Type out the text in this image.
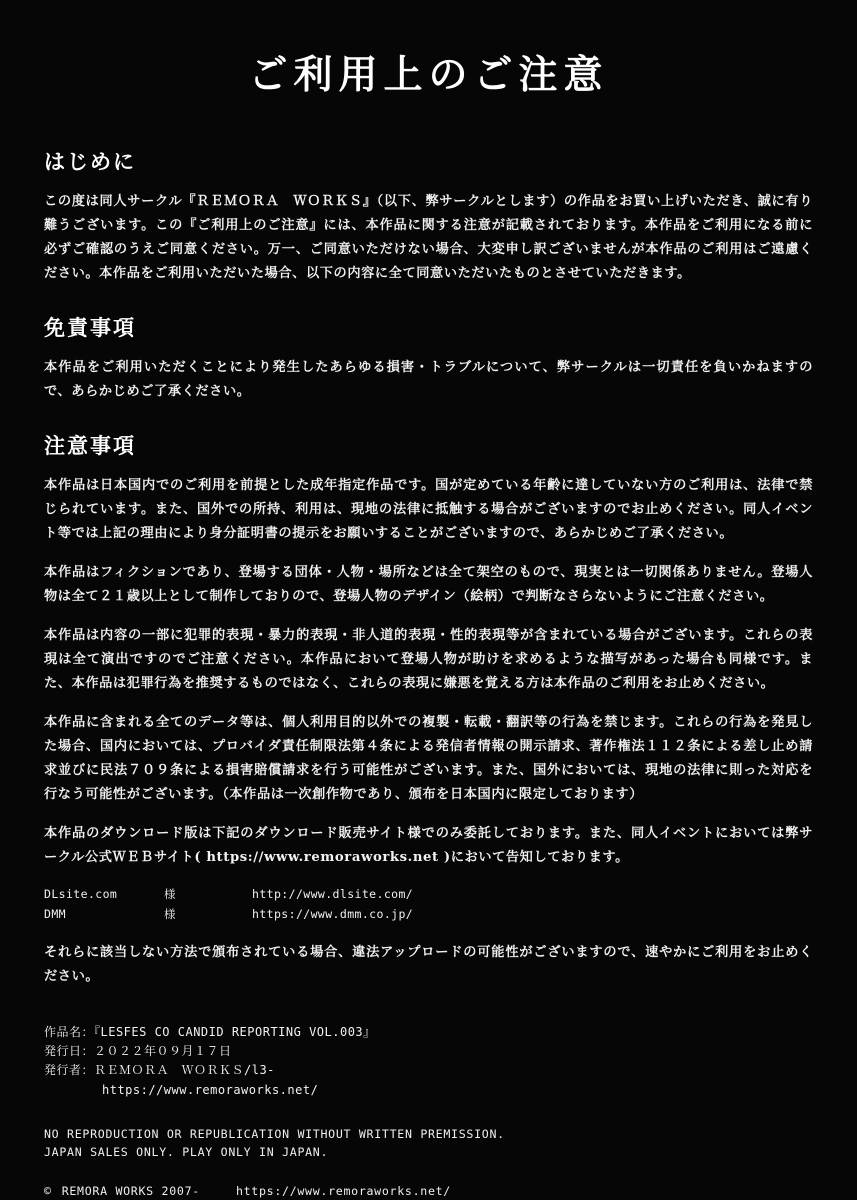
ご利用上のご注意
はじめに

この度は同人サークル『ＲＥＭＯＲＡ　ＷＯＲＫＳ』（以下、弊サークルとします）の作品をお買い上げいただき、誠に有り難うございます。この『ご利用上のご注意』には、本作品に関する注意が記載されております。本作品をご利用になる前に必ずご確認のうえご同意ください。万一、ご同意いただけない場合、大変申し訳ございませんが本作品のご利用はご遠慮ください。本作品をご利用いただいた場合、以下の内容に全て同意いただいたものとさせていただきます。

免責事項

本作品をご利用いただくことにより発生したあらゆる損害・トラブルについて、弊サークルは一切責任を負いかねますので、あらかじめご了承ください。

注意事項

本作品は日本国内でのご利用を前提とした成年指定作品です。国が定めている年齢に達していない方のご利用は、法律で禁じられています。また、国外での所持、利用は、現地の法律に抵触する場合がございますのでお止めください。同人イベント等では上記の理由により身分証明書の提示をお願いすることがございますので、あらかじめご了承ください。

本作品はフィクションであり、登場する団体・人物・場所などは全て架空のもので、現実とは一切関係ありません。登場人物は全て２１歳以上として制作しておりので、登場人物のデザイン（絵柄）で判断なさらないようにご注意ください。

本作品は内容の一部に犯罪的表現・暴力的表現・非人道的表現・性的表現等が含まれている場合がございます。これらの表現は全て演出ですのでご注意ください。本作品において登場人物が助けを求めるような描写があった場合も同様です。また、本作品は犯罪行為を推奨するものではなく、これらの表現に嫌悪を覚える方は本作品のご利用をお止めください。

本作品に含まれる全てのデータ等は、個人利用目的以外での複製・転載・翻訳等の行為を禁じます。これらの行為を発見した場合、国内においては、プロバイダ責任制限法第４条による発信者情報の開示請求、著作権法１１２条による差し止め請求並びに民法７０９条による損害賠償請求を行う可能性がございます。また、国外においては、現地の法律に則った対応を行なう可能性がございます。（本作品は一次創作物であり、頒布を日本国内に限定しております）

本作品のダウンロード版は下記のダウンロード販売サイト様でのみ委託しております。また、同人イベントにおいては弊サークル公式ＷＥＢサイト( https://www.remoraworks.net )において告知しております。

DLsite.com	様	http://www.dlsite.com/
DMM	様	https://www.dmm.co.jp/

それらに該当しない方法で頒布されている場合、違法アップロードの可能性がございますので、速やかにご利用をお止めください。

作品名：『LESFES CO CANDID REPORTING VOL.003』
発行日：２０２２年０９月１７日
発行者：ＲＥＭＯＲＡ　ＷＯＲＫＳ/l3-
https://www.remoraworks.net/
NO REPRODUCTION OR REPUBLICATION WITHOUT WRITTEN PREMISSION.
JAPAN SALES ONLY. PLAY ONLY IN JAPAN.
© REMORA WORKS 2007-	https://www.remoraworks.net/
